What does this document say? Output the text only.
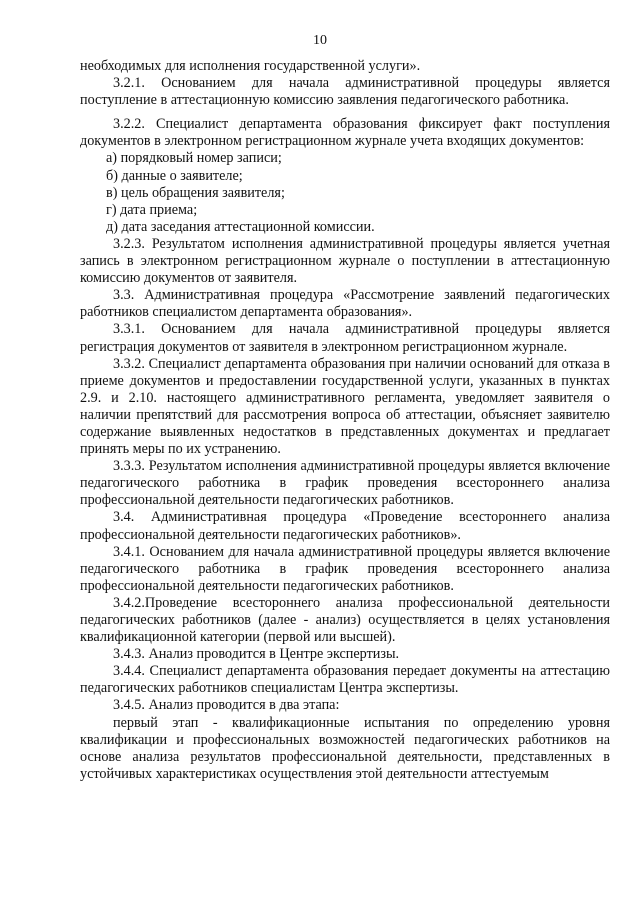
10

необходимых для исполнения государственной услуги».

3.2.1. Основанием для начала административной процедуры является поступление в аттестационную комиссию заявления педагогического работника.

3.2.2. Специалист департамента образования фиксирует факт поступления документов в электронном регистрационном журнале учета входящих документов:

а) порядковый номер записи;

б) данные о заявителе;

в) цель обращения заявителя;

г) дата приема;

д) дата заседания аттестационной комиссии.

3.2.3. Результатом исполнения административной процедуры является учетная запись в электронном регистрационном журнале о поступлении в аттестационную комиссию документов от заявителя.

3.3. Административная процедура «Рассмотрение заявлений педагогических работников специалистом департамента образования».

3.3.1. Основанием для начала административной процедуры является регистрация документов от заявителя в электронном регистрационном журнале.

3.3.2. Специалист департамента образования при наличии оснований для отказа в приеме документов и предоставлении государственной услуги, указанных в пунктах 2.9. и 2.10. настоящего административного регламента, уведомляет заявителя о наличии препятствий для рассмотрения вопроса об аттестации, объясняет заявителю содержание выявленных недостатков в представленных документах и предлагает принять меры по их устранению.

3.3.3. Результатом исполнения административной процедуры является включение педагогического работника в график проведения всестороннего анализа профессиональной деятельности педагогических работников.

3.4. Административная процедура «Проведение всестороннего анализа профессиональной деятельности педагогических работников».

3.4.1. Основанием для начала административной процедуры является включение педагогического работника в график проведения всестороннего анализа профессиональной деятельности педагогических работников.

3.4.2.Проведение всестороннего анализа профессиональной деятельности педагогических работников (далее - анализ) осуществляется в целях установления квалификационной категории (первой или высшей).

3.4.3. Анализ проводится в Центре экспертизы.

3.4.4. Специалист департамента образования передает документы на аттестацию педагогических работников специалистам Центра экспертизы.

3.4.5. Анализ проводится в два этапа:

первый этап - квалификационные испытания по определению уровня квалификации и профессиональных возможностей педагогических работников на основе анализа результатов профессиональной деятельности, представленных в устойчивых характеристиках осуществления этой деятельности аттестуемым
